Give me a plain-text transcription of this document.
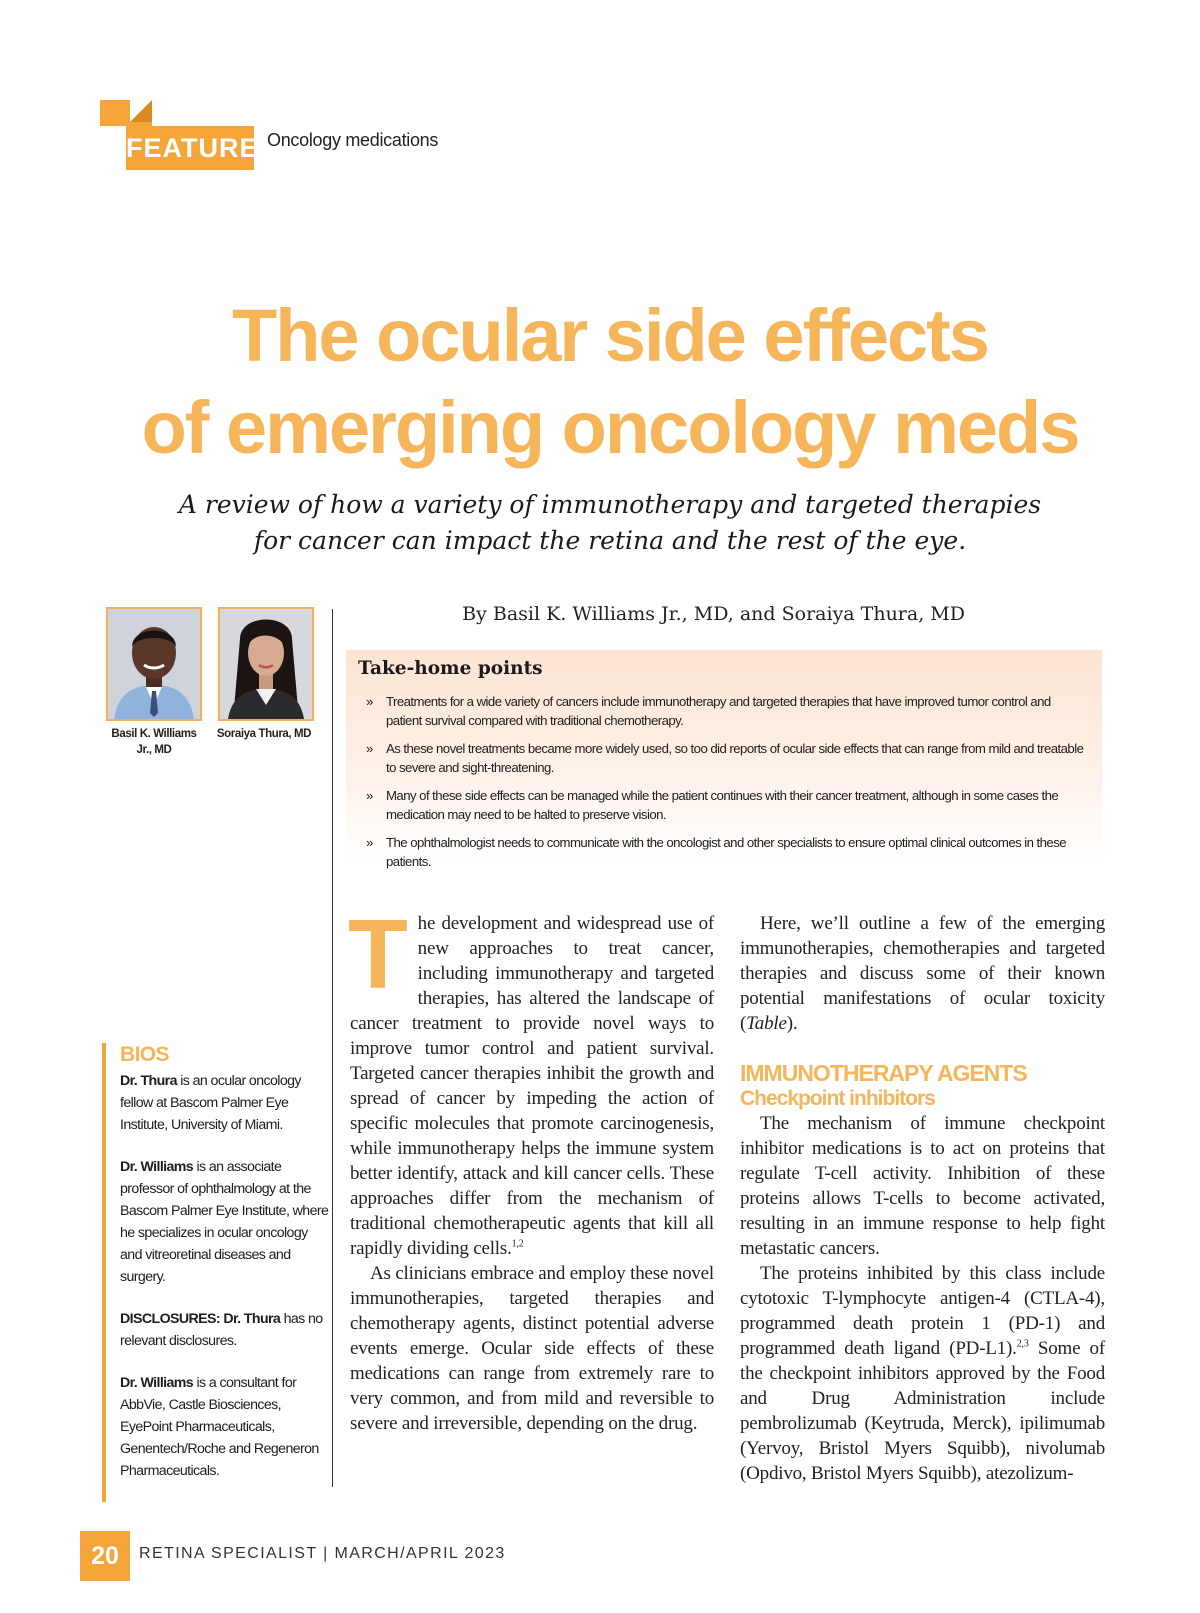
FEATURE Oncology medications
The ocular side effects
of emerging oncology meds
A review of how a variety of immunotherapy and targeted therapies
for cancer can impact the retina and the rest of the eye.
Basil K. Williams Jr., MD
Soraiya Thura, MD
By Basil K. Williams Jr., MD, and Soraiya Thura, MD
Take-home points
» Treatments for a wide variety of cancers include immunotherapy and targeted therapies that have improved tumor control and patient survival compared with traditional chemotherapy.
» As these novel treatments became more widely used, so too did reports of ocular side effects that can range from mild and treatable to severe and sight-threatening.
» Many of these side effects can be managed while the patient continues with their cancer treatment, although in some cases the medication may need to be halted to preserve vision.
» The ophthalmologist needs to communicate with the oncologist and other specialists to ensure optimal clinical outcomes in these patients.

The development and widespread use of new approaches to treat cancer, including immunotherapy and targeted therapies, has altered the landscape of cancer treatment to provide novel ways to improve tumor control and patient survival. Targeted cancer therapies inhibit the growth and spread of cancer by impeding the action of specific molecules that promote carcinogenesis, while immunotherapy helps the immune system better identify, attack and kill cancer cells. These approaches differ from the mechanism of traditional chemotherapeutic agents that kill all rapidly dividing cells.$^{1,2}$

As clinicians embrace and employ these novel immunotherapies, targeted therapies and chemotherapy agents, distinct potential adverse events emerge. Ocular side effects of these medications can range from extremely rare to very common, and from mild and reversible to severe and irreversible, depending on the drug.

Here, we’ll outline a few of the emerging immunotherapies, chemotherapies and targeted therapies and discuss some of their known potential manifestations of ocular toxicity (Table).

IMMUNOTHERAPY AGENTS
Checkpoint inhibitors

The mechanism of immune checkpoint inhibitor medications is to act on proteins that regulate T-cell activity. Inhibition of these proteins allows T-cells to become activated, resulting in an immune response to help fight metastatic cancers.

The proteins inhibited by this class include cytotoxic T-lymphocyte antigen-4 (CTLA-4), programmed death protein 1 (PD-1) and programmed death ligand (PD-L1).$^{2,3}$ Some of the checkpoint inhibitors approved by the Food and Drug Administration include pembrolizumab (Keytruda, Merck), ipilimumab (Yervoy, Bristol Myers Squibb), nivolumab (Opdivo, Bristol Myers Squibb), atezolizum-

BIOS

Dr. Thura is an ocular oncology fellow at Bascom Palmer Eye Institute, University of Miami.

Dr. Williams is an associate professor of ophthalmology at the Bascom Palmer Eye Institute, where he specializes in ocular oncology and vitreoretinal diseases and surgery.

DISCLOSURES: Dr. Thura has no relevant disclosures.

Dr. Williams is a consultant for AbbVie, Castle Biosciences, EyePoint Pharmaceuticals, Genentech/Roche and Regeneron Pharmaceuticals.

20	RETINA SPECIALIST | MARCH/APRIL 2023
